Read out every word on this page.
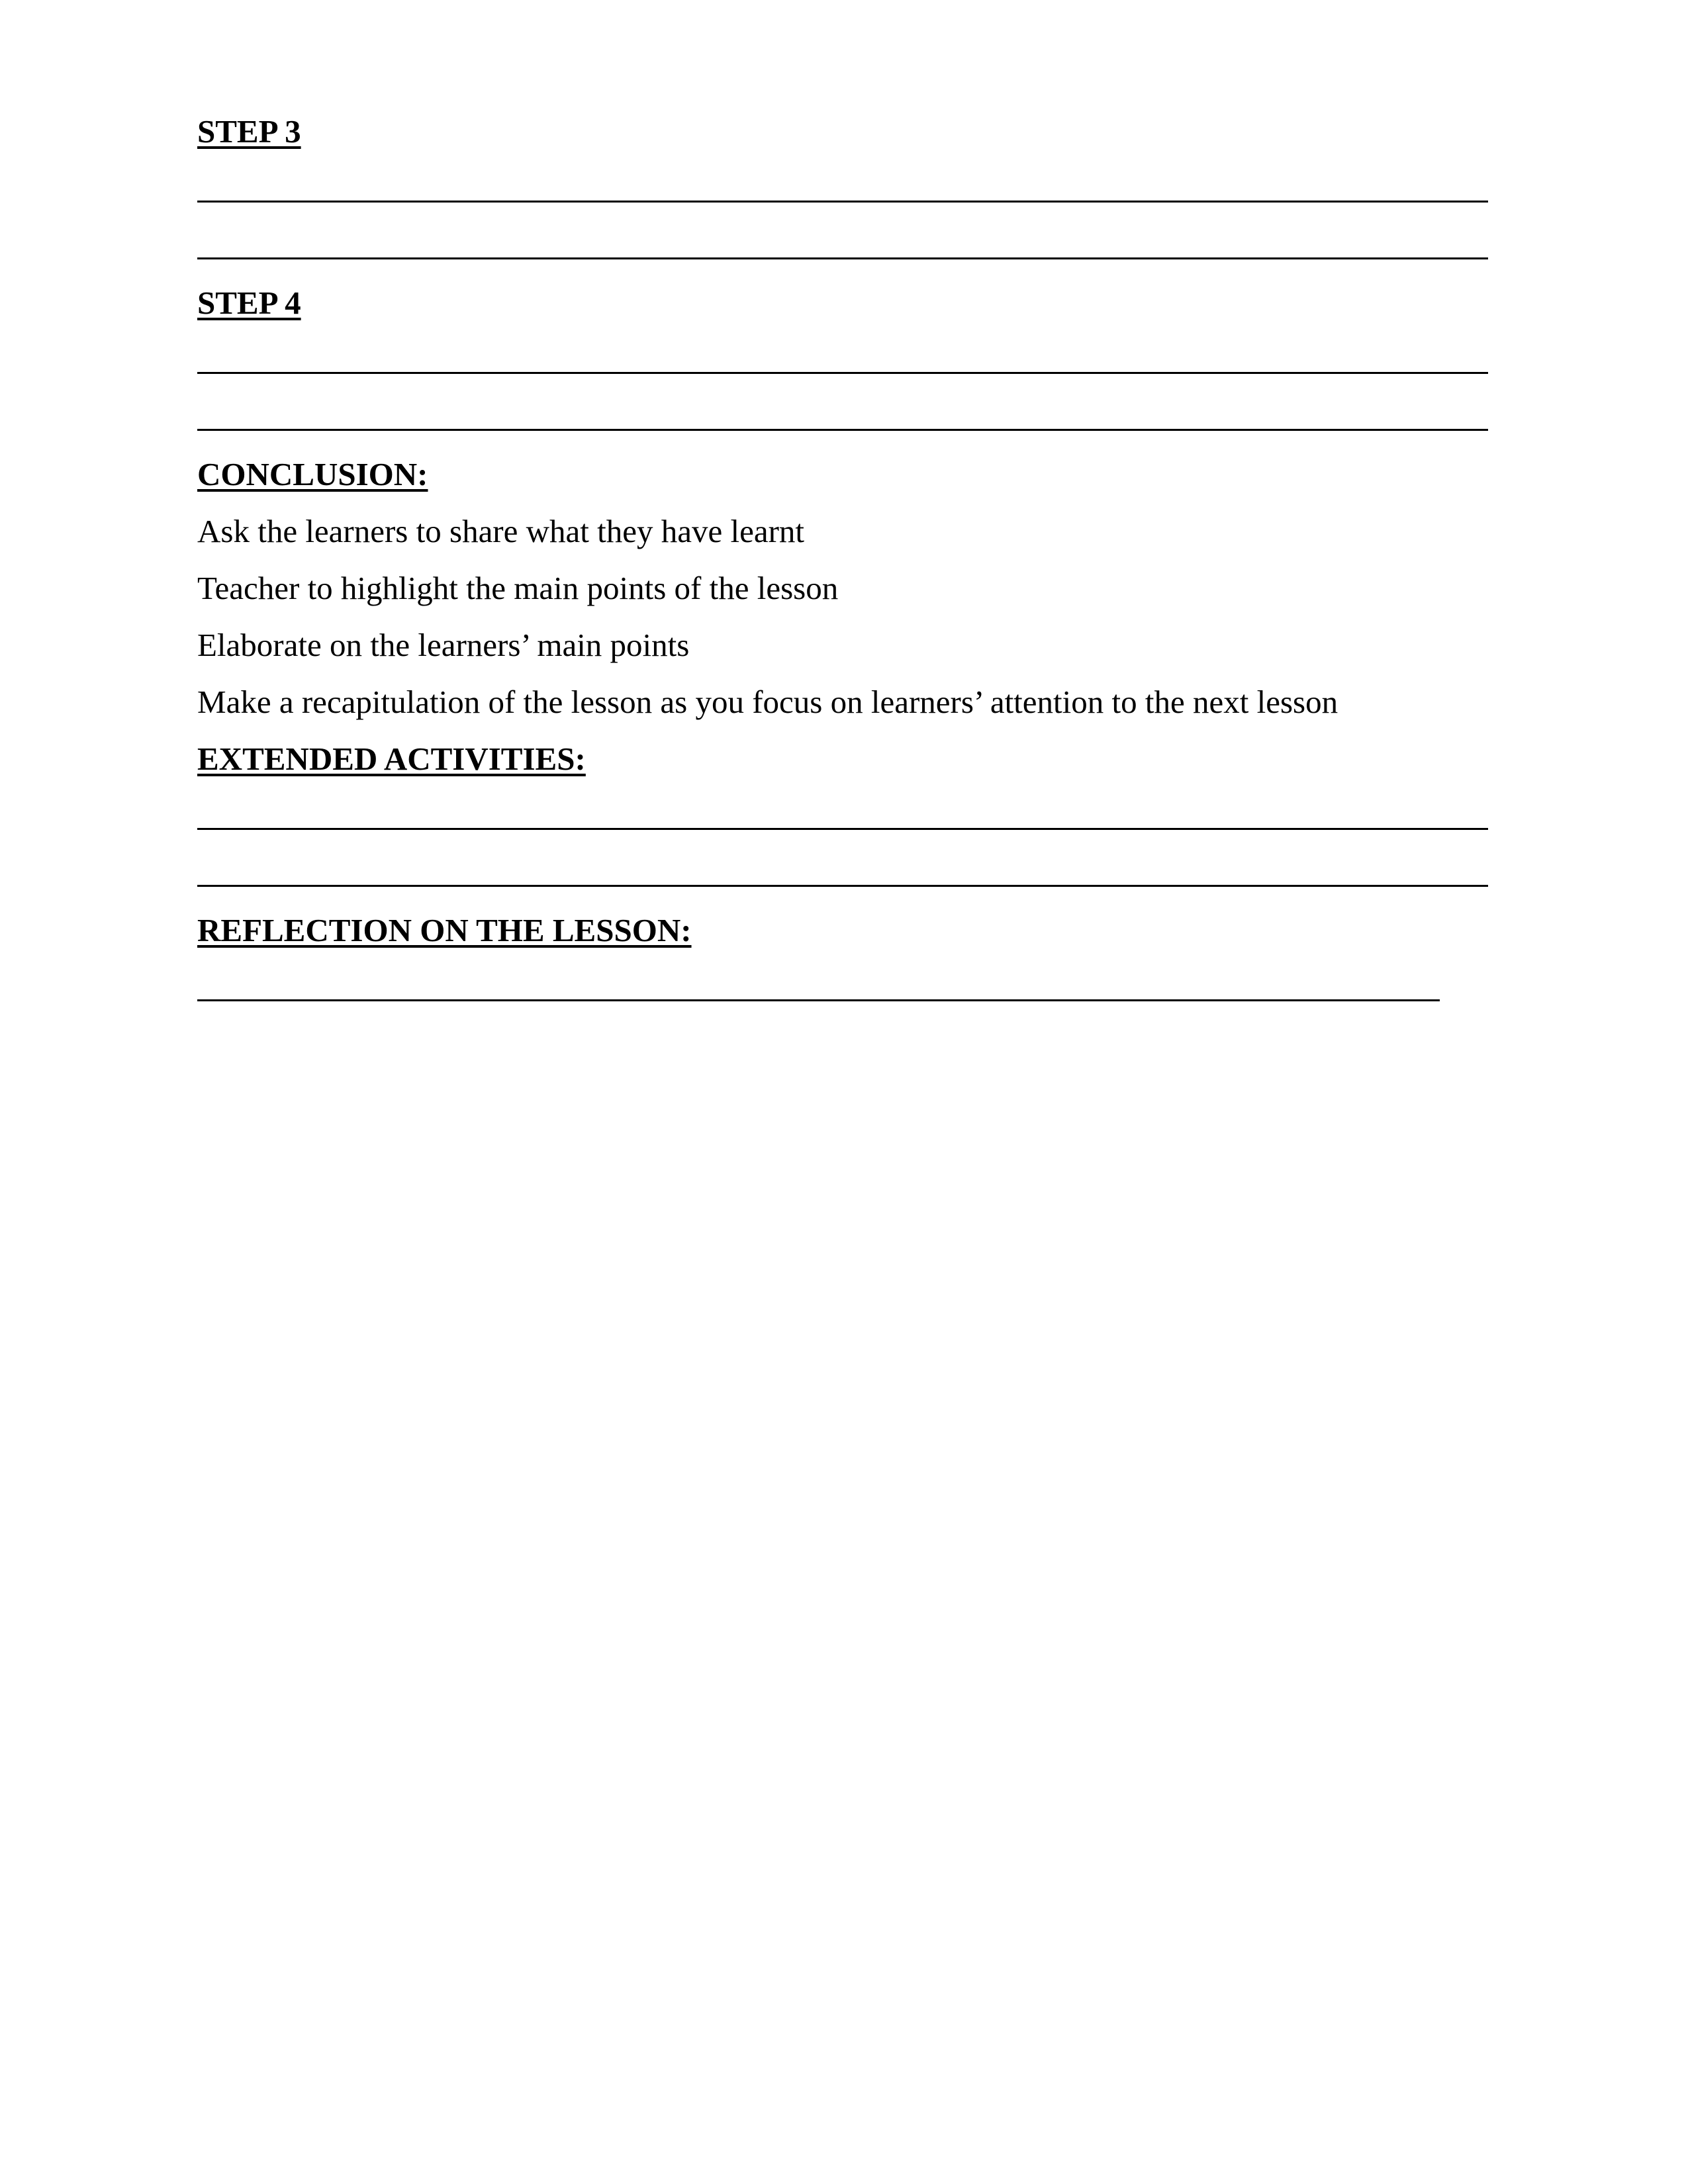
STEP 3
STEP 4
CONCLUSION:
Ask the learners to share what they have learnt
Teacher to highlight the main points of the lesson
Elaborate on the learners’ main points
Make a recapitulation of the lesson as you focus on learners’ attention to the next lesson
EXTENDED ACTIVITIES:
REFLECTION ON THE LESSON:
